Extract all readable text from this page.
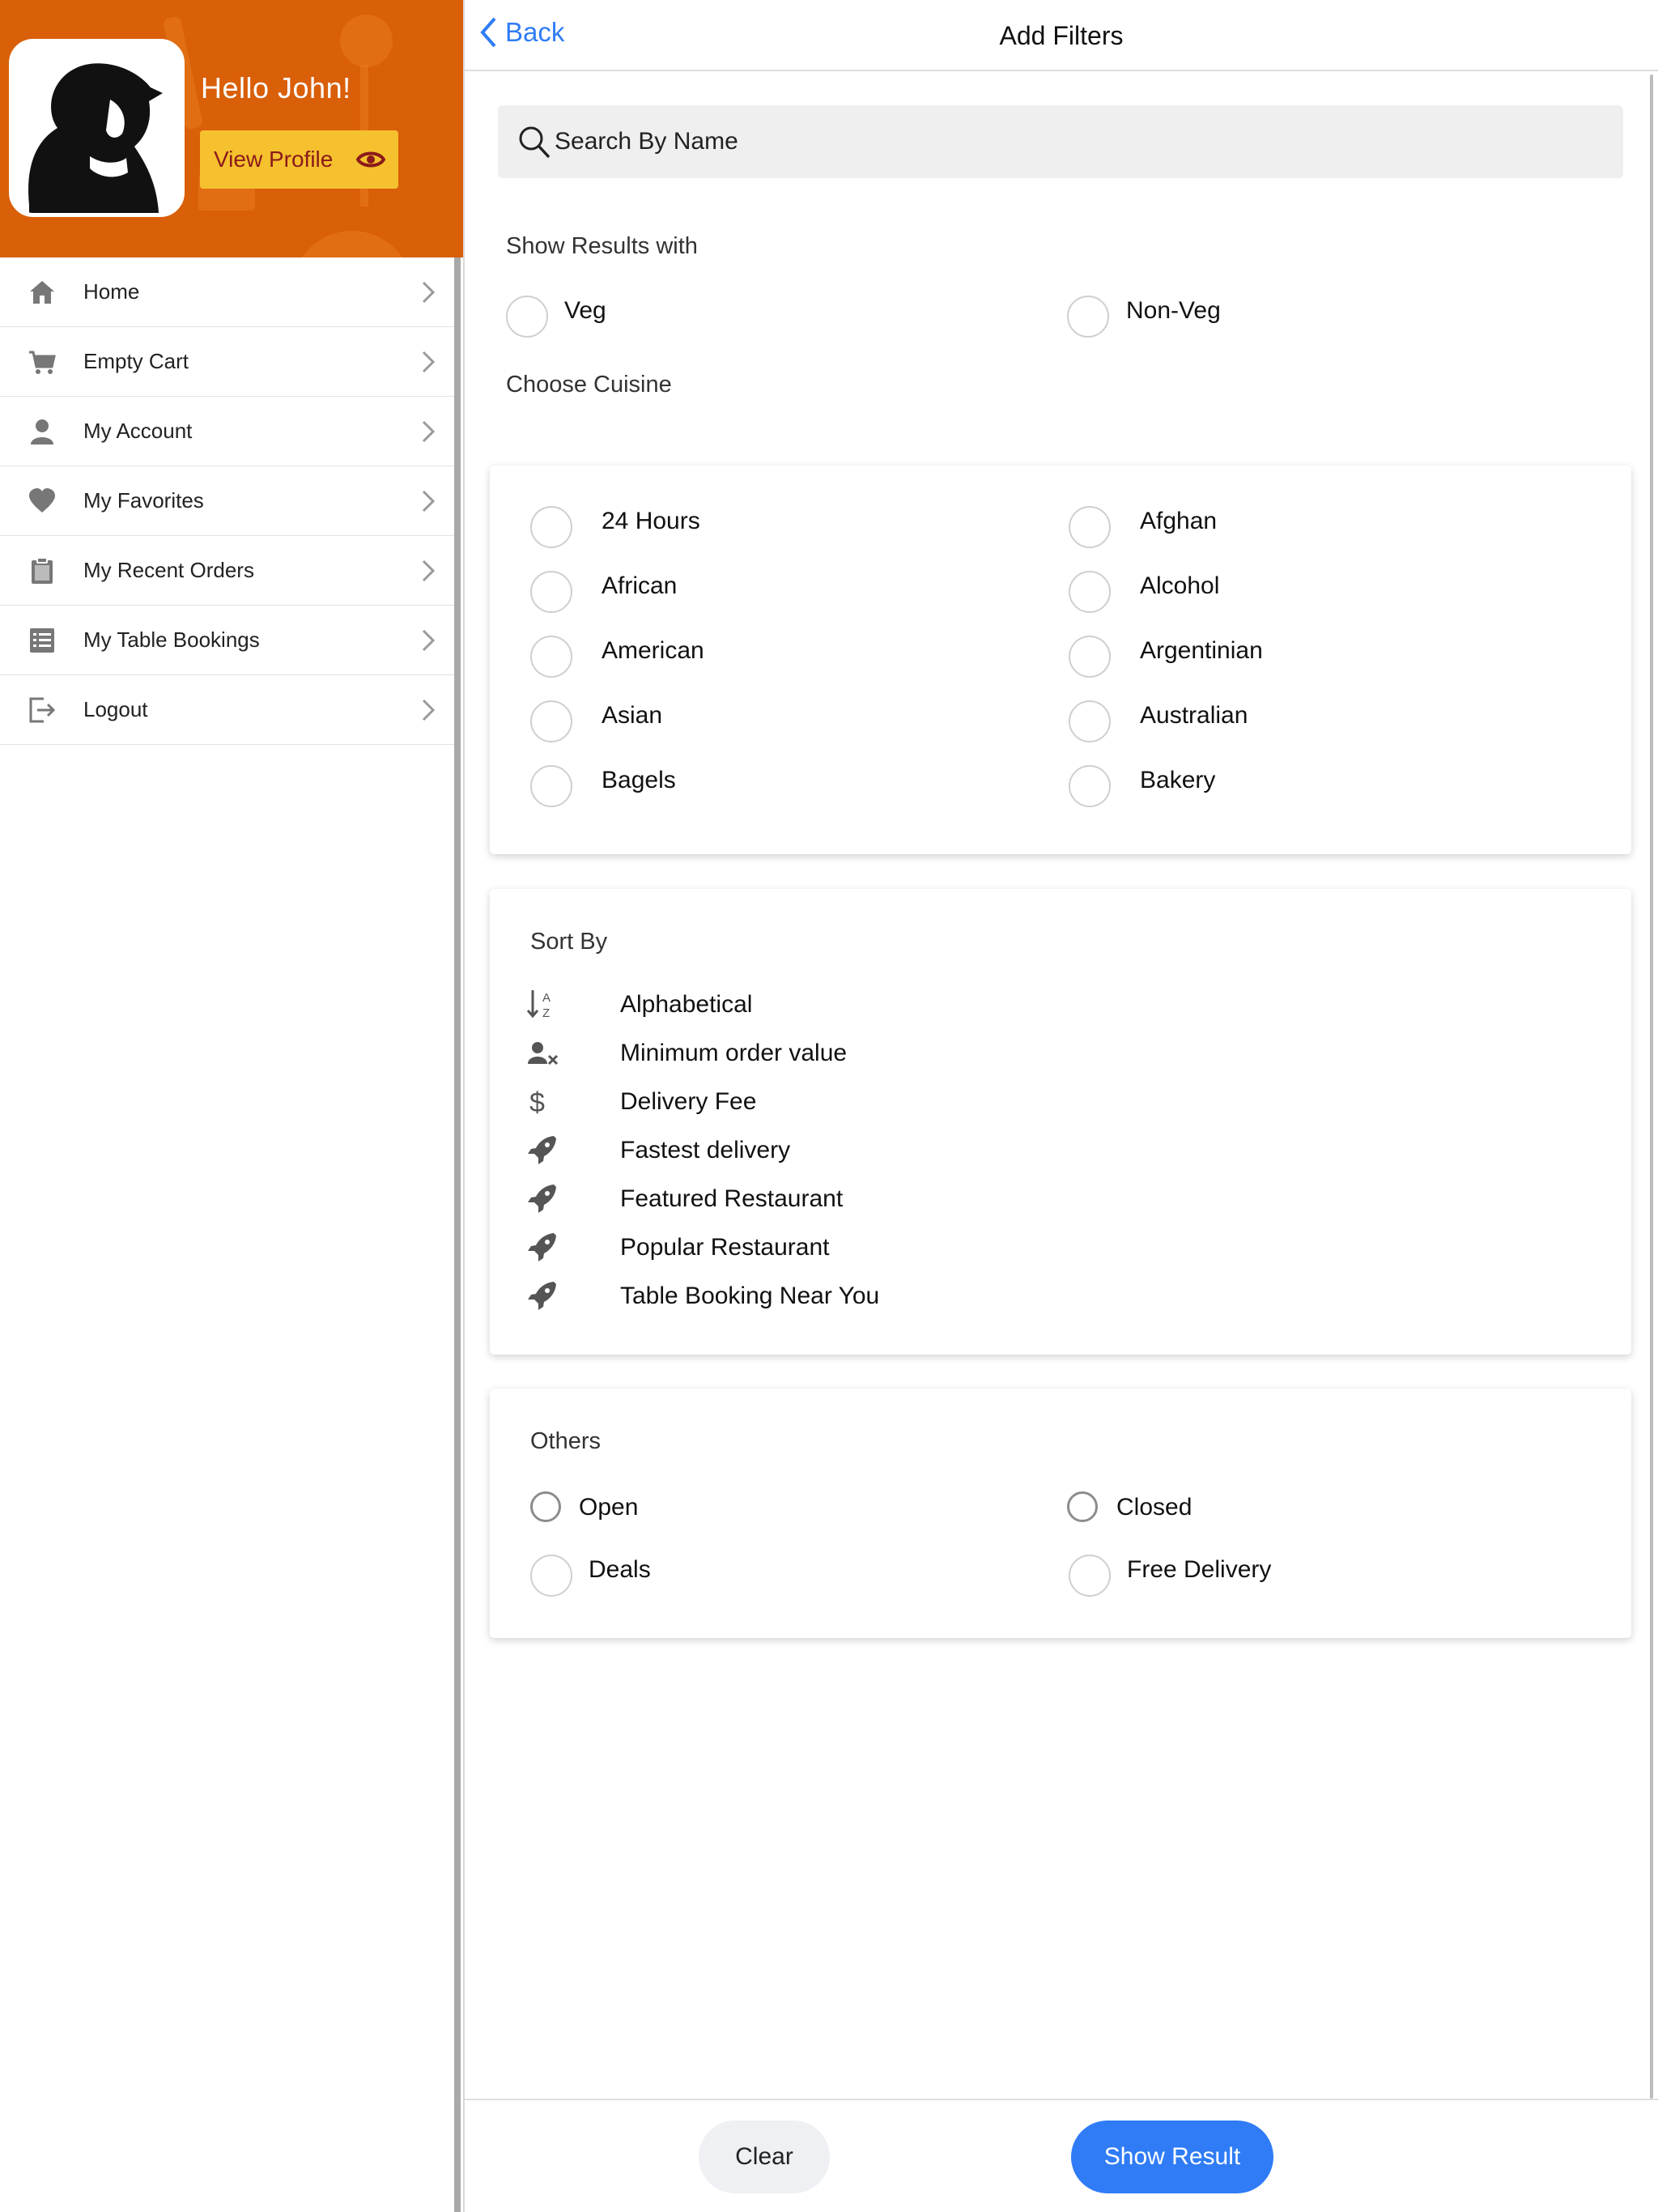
Hello John!
View Profile
Home
Empty Cart
My Account
My Favorites
My Recent Orders
My Table Bookings
Logout
Back	Add Filters
Search By Name
Show Results with
Veg	Non-Veg
Choose Cuisine
24 Hours	Afghan
African	Alcohol
American	Argentinian
Asian	Australian
Bagels	Bakery
Sort By
A
Z	Alphabetical
Minimum order value
$	Delivery Fee
Fastest delivery
Featured Restaurant
Popular Restaurant
Table Booking Near You
Others
Open	Closed
Deals	Free Delivery
Clear	Show Result
